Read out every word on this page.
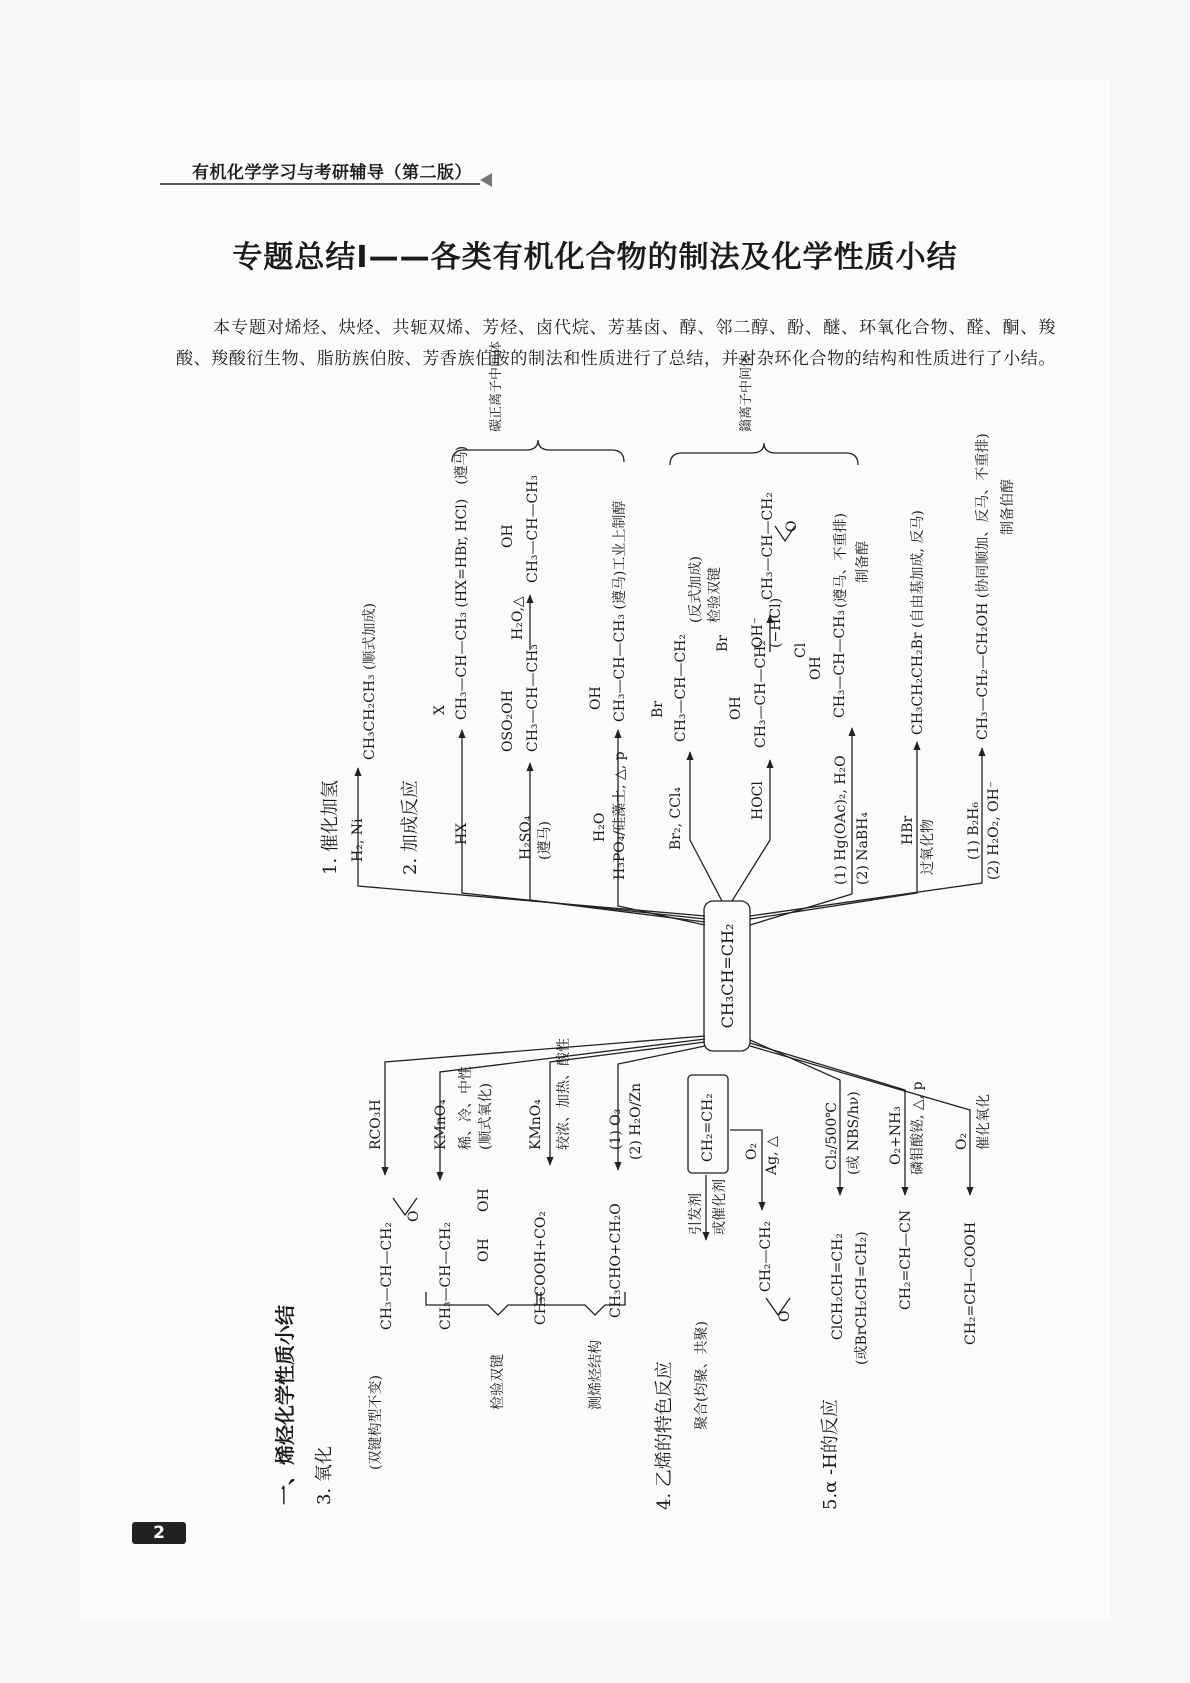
有机化学学习与考研辅导（第二版）
专题总结Ⅰ——各类有机化合物的制法及化学性质小结
本专题对烯烃、炔烃、共轭双烯、芳烃、卤代烷、芳基卤、醇、邻二醇、酚、醚、环氧化合物、醛、酮、羧酸、羧酸衍生物、脂肪族伯胺、芳香族伯胺的制法和性质进行了总结，并对杂环化合物的结构和性质进行了小结。
CH₃CH=CH₂
1. 催化加氢	2. 加成反应
一、烯烃化学性质小结 3. 氧化	4. 乙烯的特色反应	5.α -H的反应
碳正离子中间体	鎓离子中间体
检验双键	测烯烃结构
H₂, Ni
CH₃CH₂CH₃ (顺式加成)
HX
X CH₃—CH—CH₃ (HX=HBr, HCl)　(遵马)
H₂SO₄ (遵马)
OSO₂OH CH₃—CH—CH₃
H₂O,△
OH CH₃—CH—CH₃
H₂O H₃PO₄/硅藻土, △, p
OH CH₃—CH—CH₃ (遵马)工业上制醇
Br₂, CCl₄
Br CH₃—CH—CH₂ Br
(反式加成) 检验双键
HOCl
OH CH₃—CH—CH₂ Cl
OH⁻ (−HCl)
CH₃—CH—CH₂ O
(1) Hg(OAc)₂, H₂O (2) NaBH₄
OH CH₃—CH—CH₃
(遵马、不重排) 制备醇
HBr 过氧化物
CH₃CH₂CH₂Br (自由基加成, 反马)
(1) B₂H₆ (2) H₂O₂, OH⁻
CH₃—CH₂—CH₂OH (协同顺加、反马、不重排) 制备伯醇
RCO₃H
CH₃—CH—CH₂
O
(双键构型不变)
KMnO₄ 稀、冷、中性 (顺式氧化)
CH₃—CH—CH₂ OH
OH
KMnO₄ 较浓、加热、酸性
CH₃COOH+CO₂
(1) O₃ (2) H₂O/Zn
CH₃CHO+CH₂O
CH₂=CH₂
引发剂 或催化剂
聚合(均聚、共聚)
O₂ Ag, △
CH₂—CH₂
O
Cl₂/500℃ (或 NBS/hν)
ClCH₂CH=CH₂ (或BrCH₂CH=CH₂)
O₂+NH₃ 磷钼酸铋, △, p
CH₂=CH—CN
O₂ 催化氧化
CH₂=CH—COOH
2
